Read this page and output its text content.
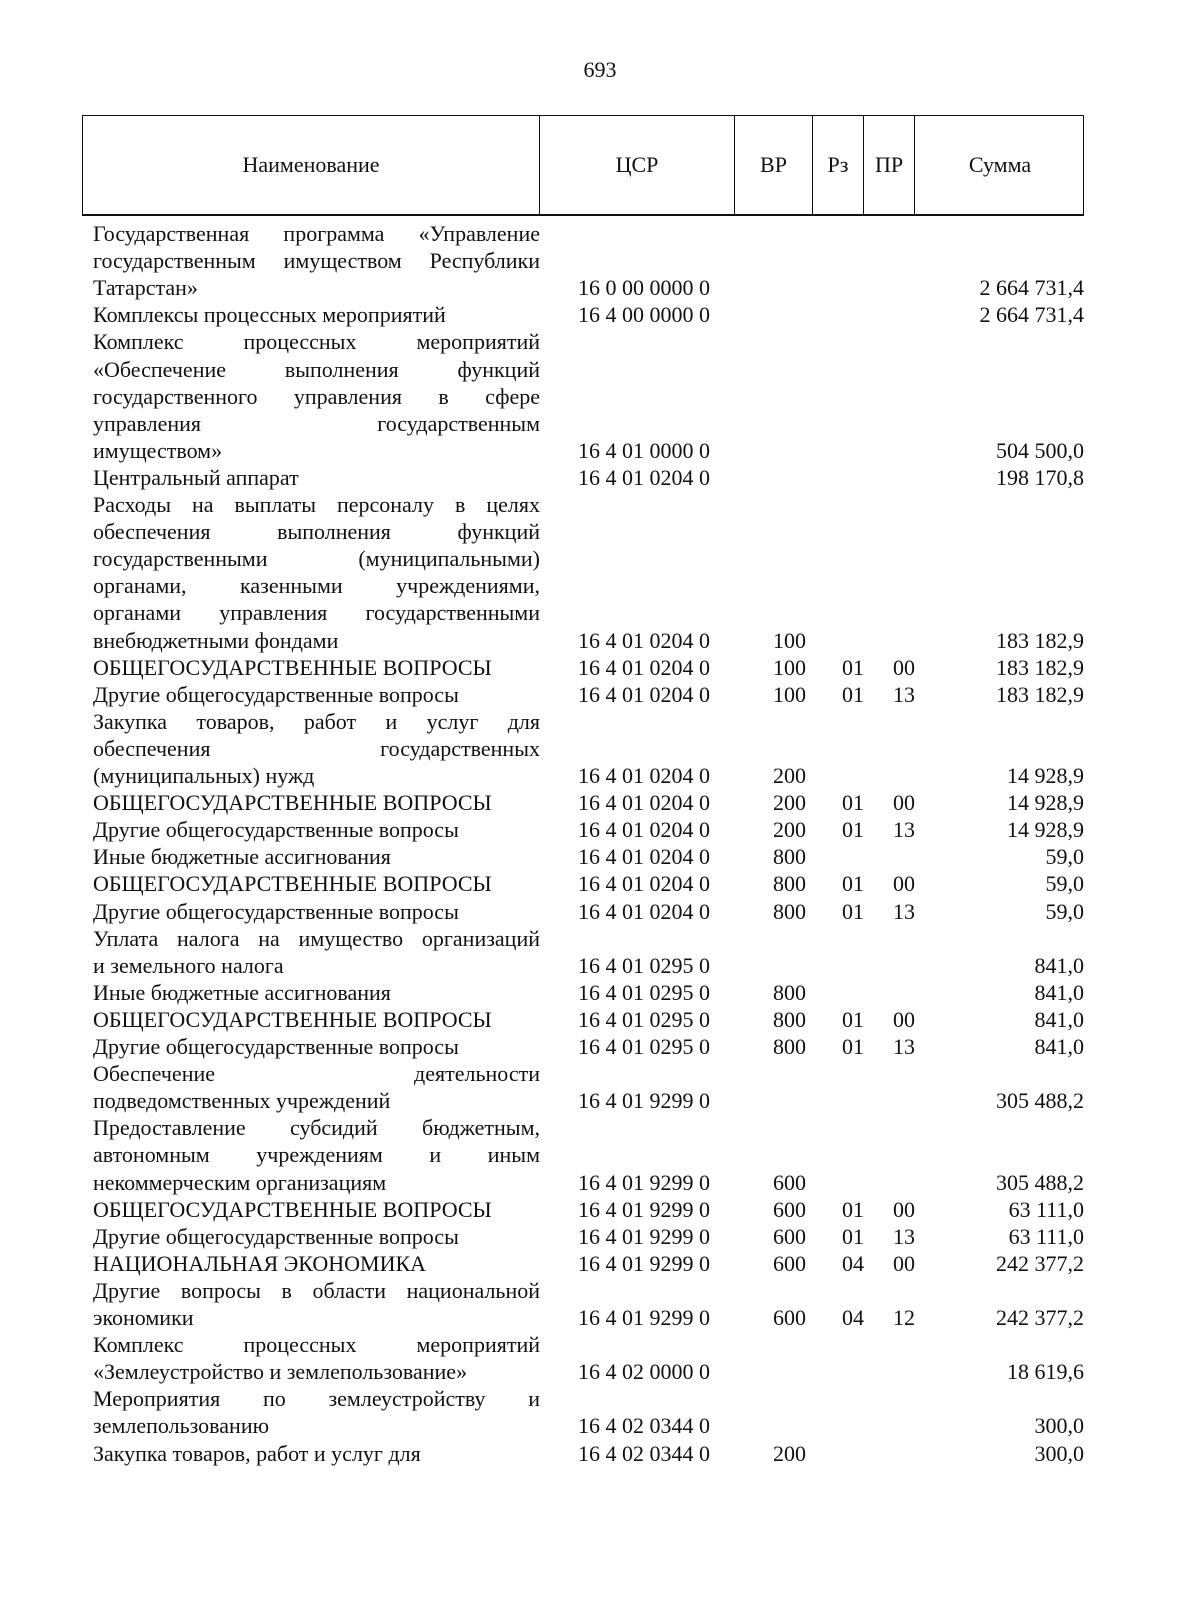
693
Наименование	ЦСР	ВР	Рз	ПР	Сумма
Государственная программа «Управление
государственным имуществом Республики
Татарстан»	16 0 00 0000 0	2 664 731,4
Комплексы процессных мероприятий	16 4 00 0000 0	2 664 731,4
Комплекс процессных мероприятий
«Обеспечение выполнения функций
государственного управления в сфере
управления государственным
имуществом»	16 4 01 0000 0	504 500,0
Центральный аппарат	16 4 01 0204 0	198 170,8
Расходы на выплаты персоналу в целях
обеспечения выполнения функций
государственными (муниципальными)
органами, казенными учреждениями,
органами управления государственными
внебюджетными фондами	16 4 01 0204 0	100	183 182,9
ОБЩЕГОСУДАРСТВЕННЫЕ ВОПРОСЫ	16 4 01 0204 0	100 01 00	183 182,9
Другие общегосударственные вопросы	16 4 01 0204 0	100 01 13	183 182,9
Закупка товаров, работ и услуг для
обеспечения государственных
(муниципальных) нужд	16 4 01 0204 0	200	14 928,9
ОБЩЕГОСУДАРСТВЕННЫЕ ВОПРОСЫ	16 4 01 0204 0	200 01 00	14 928,9
Другие общегосударственные вопросы	16 4 01 0204 0	200 01 13	14 928,9
Иные бюджетные ассигнования	16 4 01 0204 0	800	59,0
ОБЩЕГОСУДАРСТВЕННЫЕ ВОПРОСЫ	16 4 01 0204 0	800 01 00	59,0
Другие общегосударственные вопросы	16 4 01 0204 0	800 01 13	59,0
Уплата налога на имущество организаций
и земельного налога	16 4 01 0295 0	841,0
Иные бюджетные ассигнования	16 4 01 0295 0	800	841,0
ОБЩЕГОСУДАРСТВЕННЫЕ ВОПРОСЫ	16 4 01 0295 0	800 01 00	841,0
Другие общегосударственные вопросы	16 4 01 0295 0	800 01 13	841,0
Обеспечение деятельности
подведомственных учреждений	16 4 01 9299 0	305 488,2
Предоставление субсидий бюджетным,
автономным учреждениям и иным
некоммерческим организациям	16 4 01 9299 0	600	305 488,2
ОБЩЕГОСУДАРСТВЕННЫЕ ВОПРОСЫ	16 4 01 9299 0	600 01 00	63 111,0
Другие общегосударственные вопросы	16 4 01 9299 0	600 01 13	63 111,0
НАЦИОНАЛЬНАЯ ЭКОНОМИКА	16 4 01 9299 0	600 04 00	242 377,2
Другие вопросы в области национальной
экономики	16 4 01 9299 0	600 04 12	242 377,2
Комплекс процессных мероприятий
«Землеустройство и землепользование»	16 4 02 0000 0	18 619,6
Мероприятия по землеустройству и
землепользованию	16 4 02 0344 0	300,0
Закупка товаров, работ и услуг для	16 4 02 0344 0	200	300,0
